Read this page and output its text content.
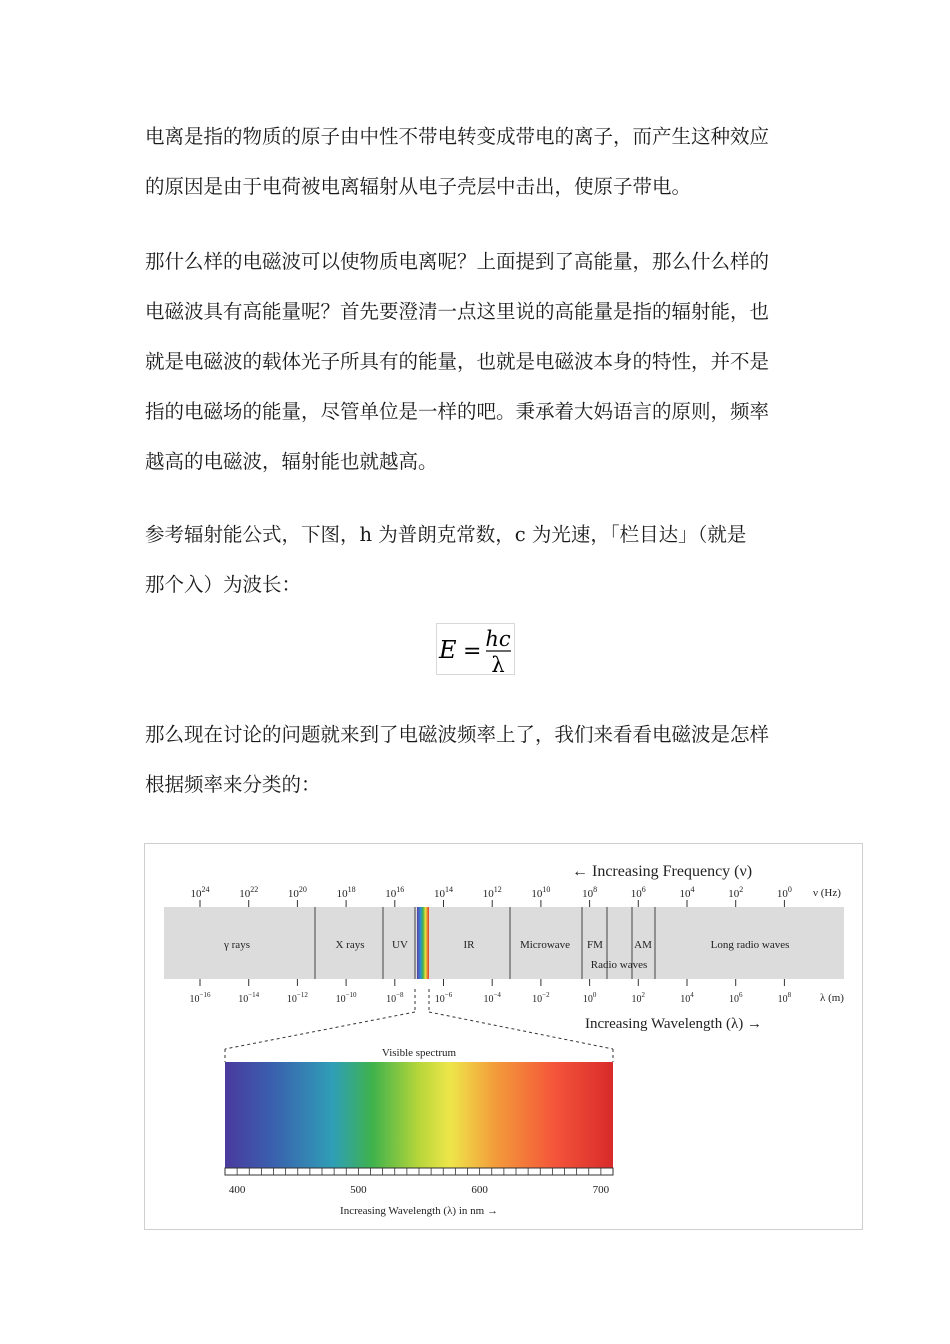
电离是指的物质的原子由中性不带电转变成带电的离子，而产生这种效应
的原因是由于电荷被电离辐射从电子壳层中击出，使原子带电。
那什么样的电磁波可以使物质电离呢？上面提到了高能量，那么什么样的
电磁波具有高能量呢？首先要澄清一点这里说的高能量是指的辐射能，也
就是电磁波的载体光子所具有的能量，也就是电磁波本身的特性，并不是
指的电磁场的能量，尽管单位是一样的吧。秉承着大妈语言的原则，频率
越高的电磁波，辐射能也就越高。
参考辐射能公式，下图，h 为普朗克常数，c 为光速，「栏目达」（就是
那个入）为波长：
那么现在讨论的问题就来到了电磁波频率上了，我们来看看电磁波是怎样
根据频率来分类的：
E = hc
λ
← Increasing Frequency (ν)
$10^{24}$	$10^{22}$	$10^{20}$	$10^{18}$	$10^{16}$	$10^{14}$	$10^{12}$	$10^{10}$	$10^8$	$10^6$	$10^4$	$10^2$	$10^0$ ν (Hz)
γ rays	X rays	UV	IR	Microwave FM	AM	Long radio waves
Radio waves
$10^{-16}$	$10^{-14}$	$10^{-12}$	$10^{-10}$	$10^{-8}$	$10^{-6}$	$10^{-4}$	$10^{-2}$	$10^0$	$10^2$	$10^4$	$10^6$	$10^8$	λ (m)
Increasing Wavelength (λ) →
Visible spectrum
400	500	600	700
Increasing Wavelength (λ) in nm →
